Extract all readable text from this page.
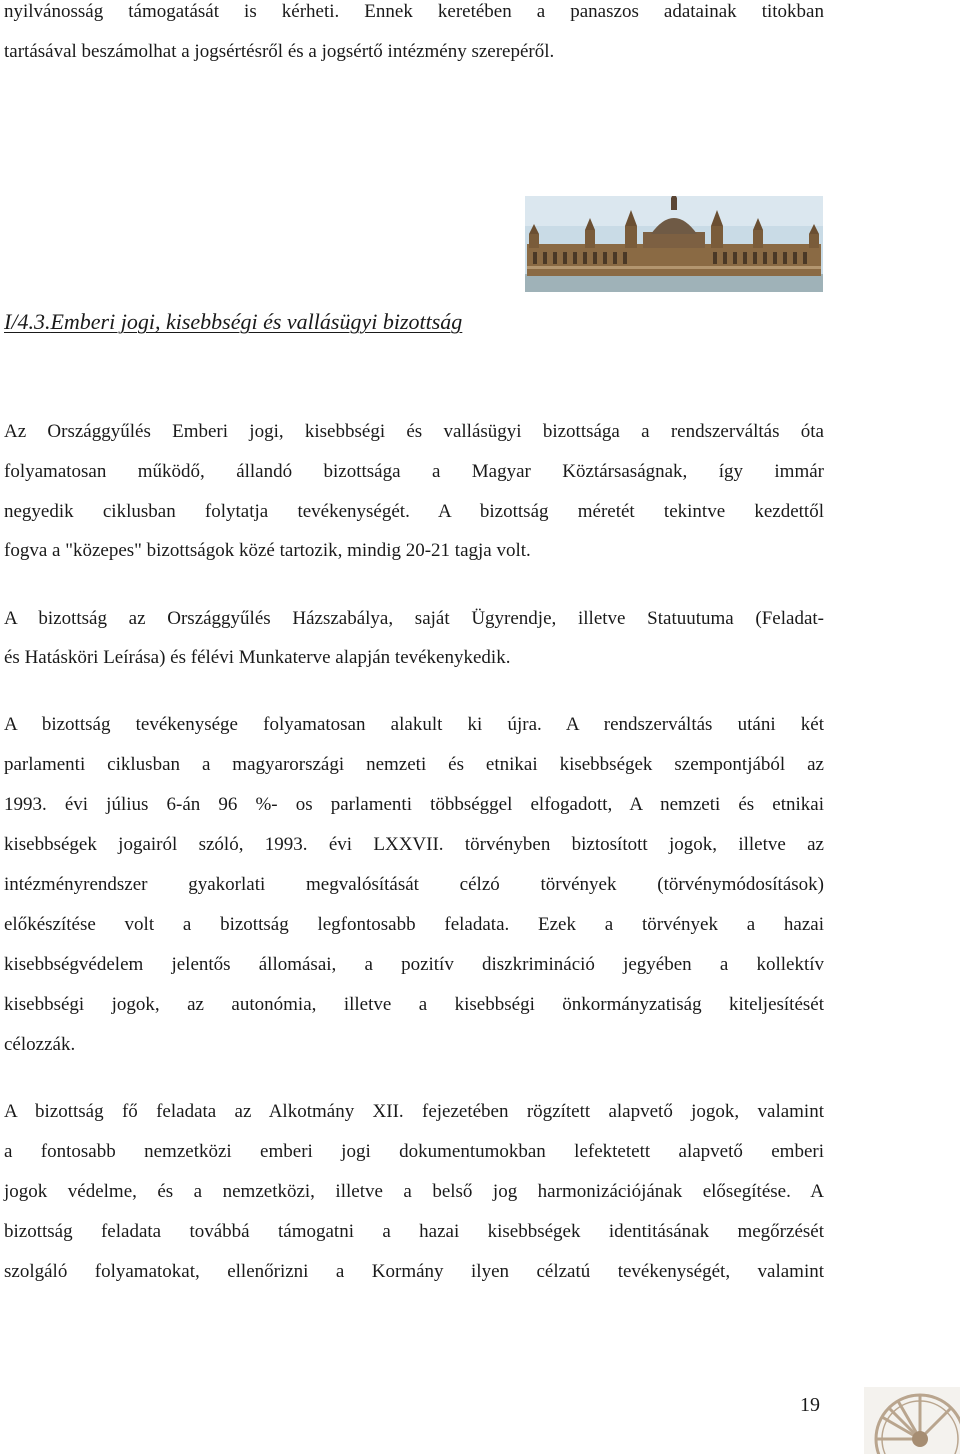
nyilvánosság támogatását is kérheti. Ennek keretében a panaszos adatainak titokban
tartásával beszámolhat a jogsértésről és a jogsértő intézmény szerepéről.
I/4.3.Emberi jogi, kisebbségi és vallásügyi bizottság
Az Országgyűlés Emberi jogi, kisebbségi és vallásügyi bizottsága a rendszerváltás óta
folyamatosan működő, állandó bizottsága a Magyar Köztársaságnak, így immár
negyedik ciklusban folytatja tevékenységét. A bizottság méretét tekintve kezdettől
fogva a "közepes" bizottságok közé tartozik, mindig 20-21 tagja volt.
A bizottság az Országgyűlés Házszabálya, saját Ügyrendje, illetve Statuutuma (Feladat-
és Hatásköri Leírása) és félévi Munkaterve alapján tevékenykedik.
A bizottság tevékenysége folyamatosan alakult ki újra. A rendszerváltás utáni két
parlamenti ciklusban a magyarországi nemzeti és etnikai kisebbségek szempontjából az
1993. évi július 6-án 96 %- os parlamenti többséggel elfogadott, A nemzeti és etnikai
kisebbségek jogairól szóló, 1993. évi LXXVII. törvényben biztosított jogok, illetve az
intézményrendszer gyakorlati megvalósítását célzó törvények (törvénymódosítások)
előkészítése volt a bizottság legfontosabb feladata. Ezek a törvények a hazai
kisebbségvédelem jelentős állomásai, a pozitív diszkrimináció jegyében a kollektív
kisebbségi jogok, az autonómia, illetve a kisebbségi önkormányzatiság kiteljesítését
célozzák.
A bizottság fő feladata az Alkotmány XII. fejezetében rögzített alapvető jogok, valamint
a fontosabb nemzetközi emberi jogi dokumentumokban lefektetett alapvető emberi
jogok védelme, és a nemzetközi, illetve a belső jog harmonizációjának elősegítése. A
bizottság feladata továbbá támogatni a hazai kisebbségek identitásának megőrzését
szolgáló folyamatokat, ellenőrizni a Kormány ilyen célzatú tevékenységét, valamint
19
